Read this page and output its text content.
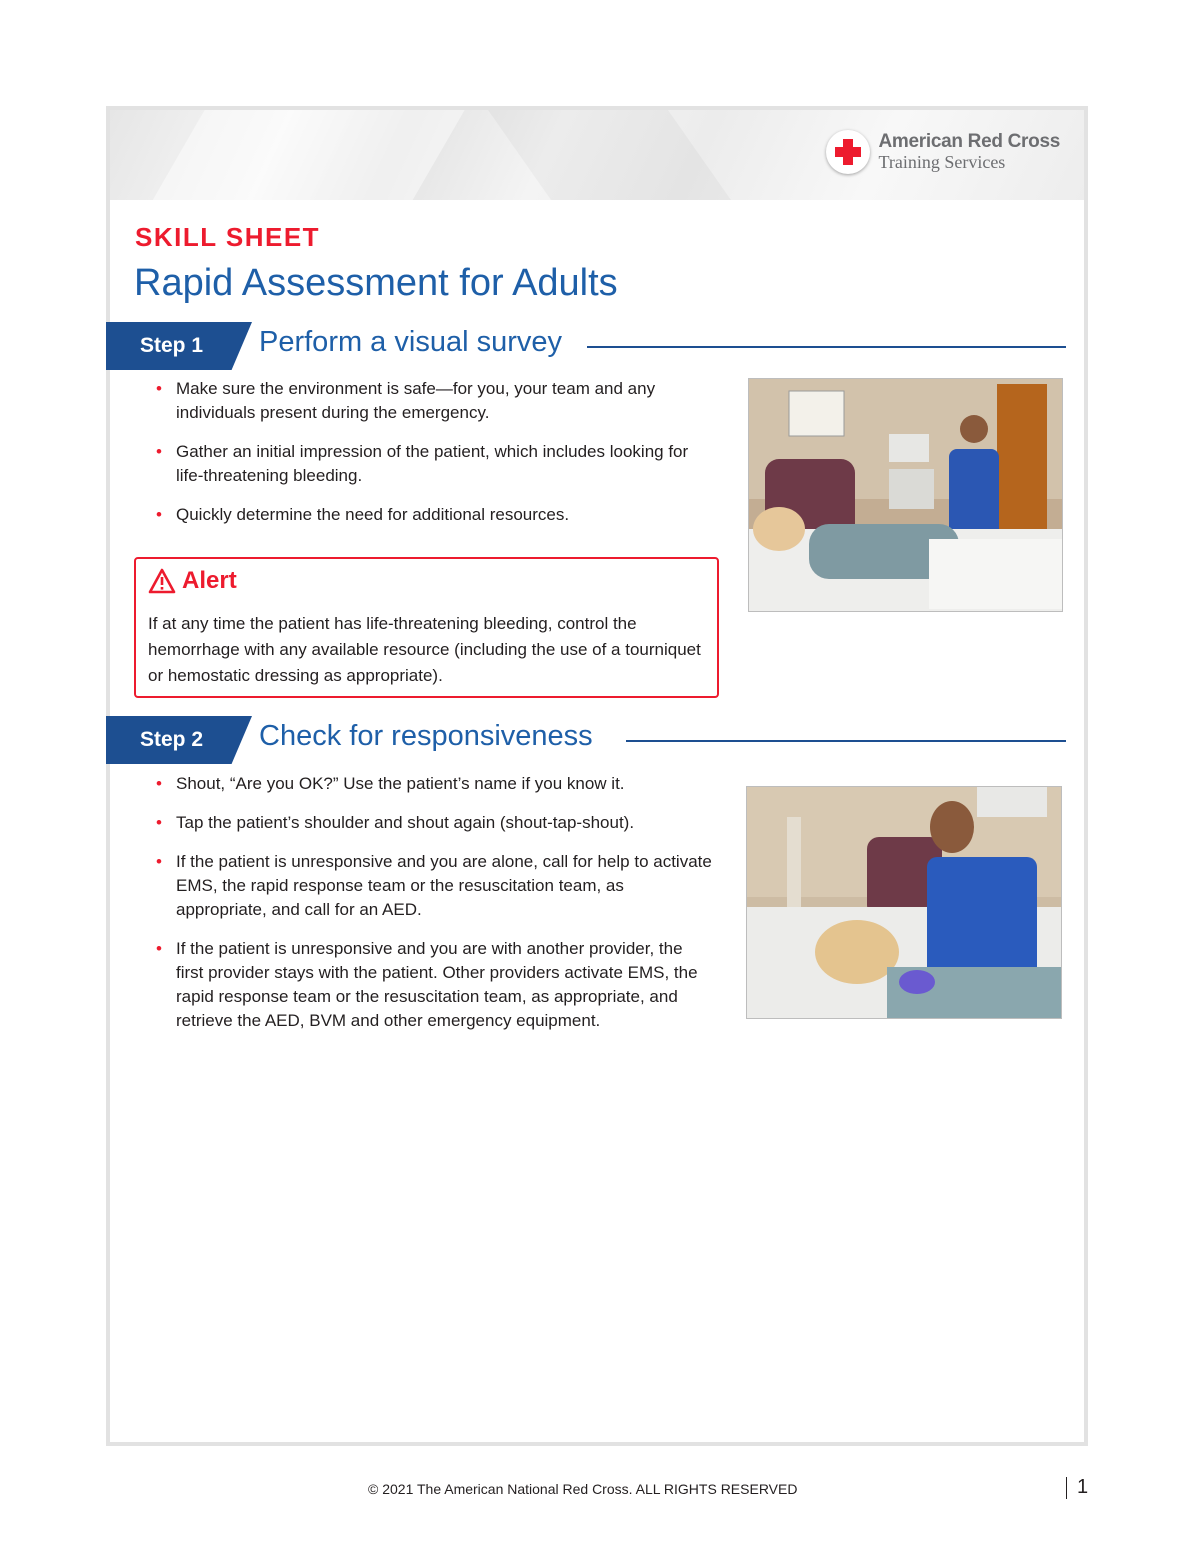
American Red Cross
Training Services
SKILL SHEET
Rapid Assessment for Adults
Step 1 Perform a visual survey
• Make sure the environment is safe—for you, your team and any individuals present during the emergency.
• Gather an initial impression of the patient, which includes looking for life-threatening bleeding.
• Quickly determine the need for additional resources.
Alert
If at any time the patient has life-threatening bleeding, control the hemorrhage with any available resource (including the use of a tourniquet or hemostatic dressing as appropriate).
Step 2 Check for responsiveness
• Shout, “Are you OK?” Use the patient’s name if you know it.
• Tap the patient’s shoulder and shout again (shout-tap-shout).
• If the patient is unresponsive and you are alone, call for help to activate EMS, the rapid response team or the resuscitation team, as appropriate, and call for an AED.
• If the patient is unresponsive and you are with another provider, the first provider stays with the patient. Other providers activate EMS, the rapid response team or the resuscitation team, as appropriate, and retrieve the AED, BVM and other emergency equipment.
© 2021 The American National Red Cross. ALL RIGHTS RESERVED	1
